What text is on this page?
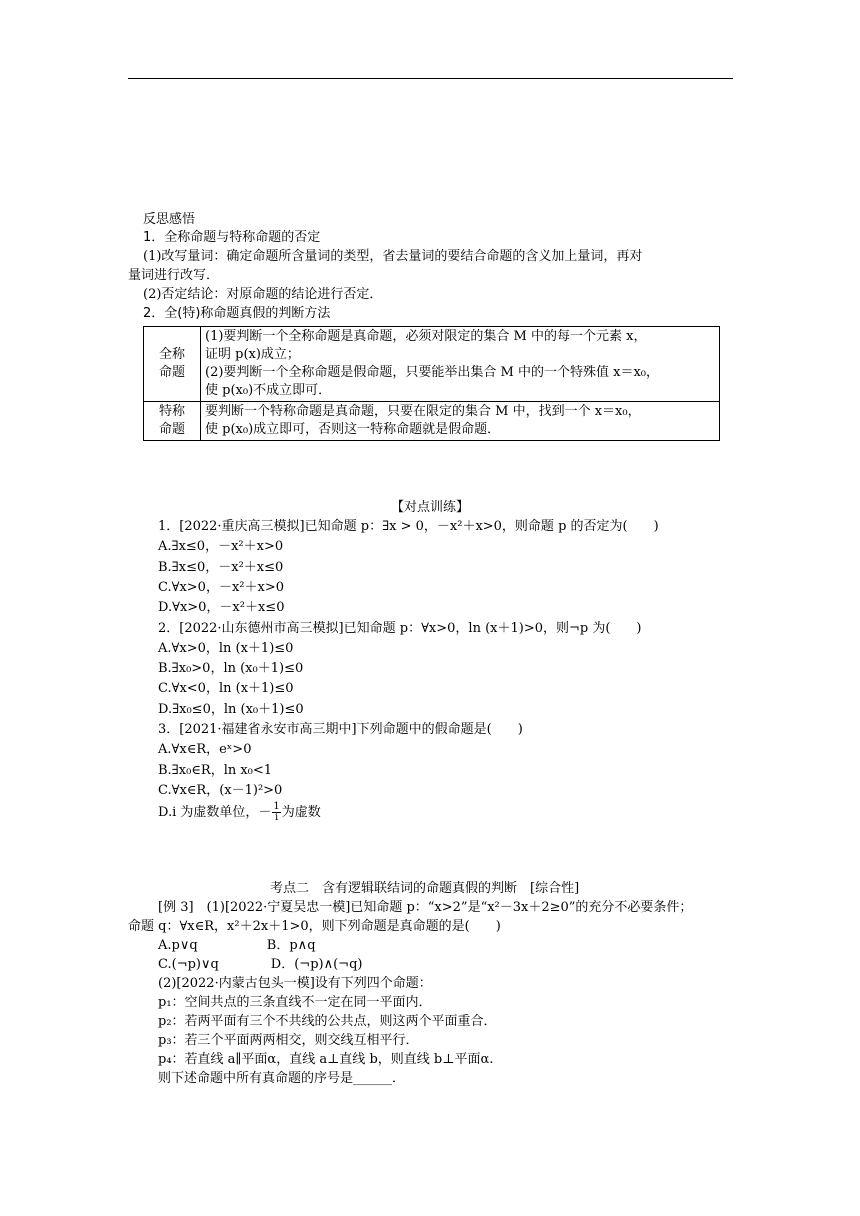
反思感悟
1．全称命题与特称命题的否定
(1)改写量词：确定命题所含量词的类型，省去量词的要结合命题的含义加上量词，再对
量词进行改写．
(2)否定结论：对原命题的结论进行否定．
2．全(特)称命题真假的判断方法
全称
命题	(1)要判断一个全称命题是真命题，必须对限定的集合 M 中的每一个元素 x，
证明 p(x)成立；
(2)要判断一个全称命题是假命题，只要能举出集合 M 中的一个特殊值 x＝x₀，
使 p(x₀)不成立即可．

特称
命题	要判断一个特称命题是真命题，只要在限定的集合 M 中，找到一个 x＝x₀，
使 p(x₀)成立即可，否则这一特称命题就是假命题．
【对点训练】
1．[2022·重庆高三模拟]已知命题 p：∃x > 0，－x²＋x>0，则命题 p 的否定为(　　)
A.∃x≤0，－x²＋x>0
B.∃x≤0，－x²＋x≤0
C.∀x>0，－x²＋x>0
D.∀x>0，－x²＋x≤0
2．[2022·山东德州市高三模拟]已知命题 p：∀x>0，ln (x＋1)>0，则¬p 为(　　)
A.∀x>0，ln (x＋1)≤0
B.∃x₀>0，ln (x₀＋1)≤0
C.∀x<0，ln (x＋1)≤0
D.∃x₀≤0，ln (x₀＋1)≤0
3．[2021·福建省永安市高三期中]下列命题中的假命题是(　　)
A.∀x∈R，eˣ>0
B.∃x₀∈R，ln x₀<1
C.∀x∈R，(x－1)²>0
D.i 为虚数单位，－ $\frac{1}{i}$ 为虚数
考点二　含有逻辑联结词的命题真假的判断　[综合性]
[例 3]　(1)[2022·宁夏吴忠一模]已知命题 p：“x>2”是“x²－3x＋2≥0”的充分不必要条件；
命题 q：∀x∈R，x²＋2x＋1>0，则下列命题是真命题的是(　　)
A.p∨q　　　　　 B．p∧q
C.(¬p)∨q　　　　D．(¬p)∧(¬q)
(2)[2022·内蒙古包头一模]设有下列四个命题：
p₁：空间共点的三条直线不一定在同一平面内．
p₂：若两平面有三个不共线的公共点，则这两个平面重合．
p₃：若三个平面两两相交，则交线互相平行．
p₄：若直线 a∥平面α，直线 a⊥直线 b，则直线 b⊥平面α.
则下述命题中所有真命题的序号是______．
